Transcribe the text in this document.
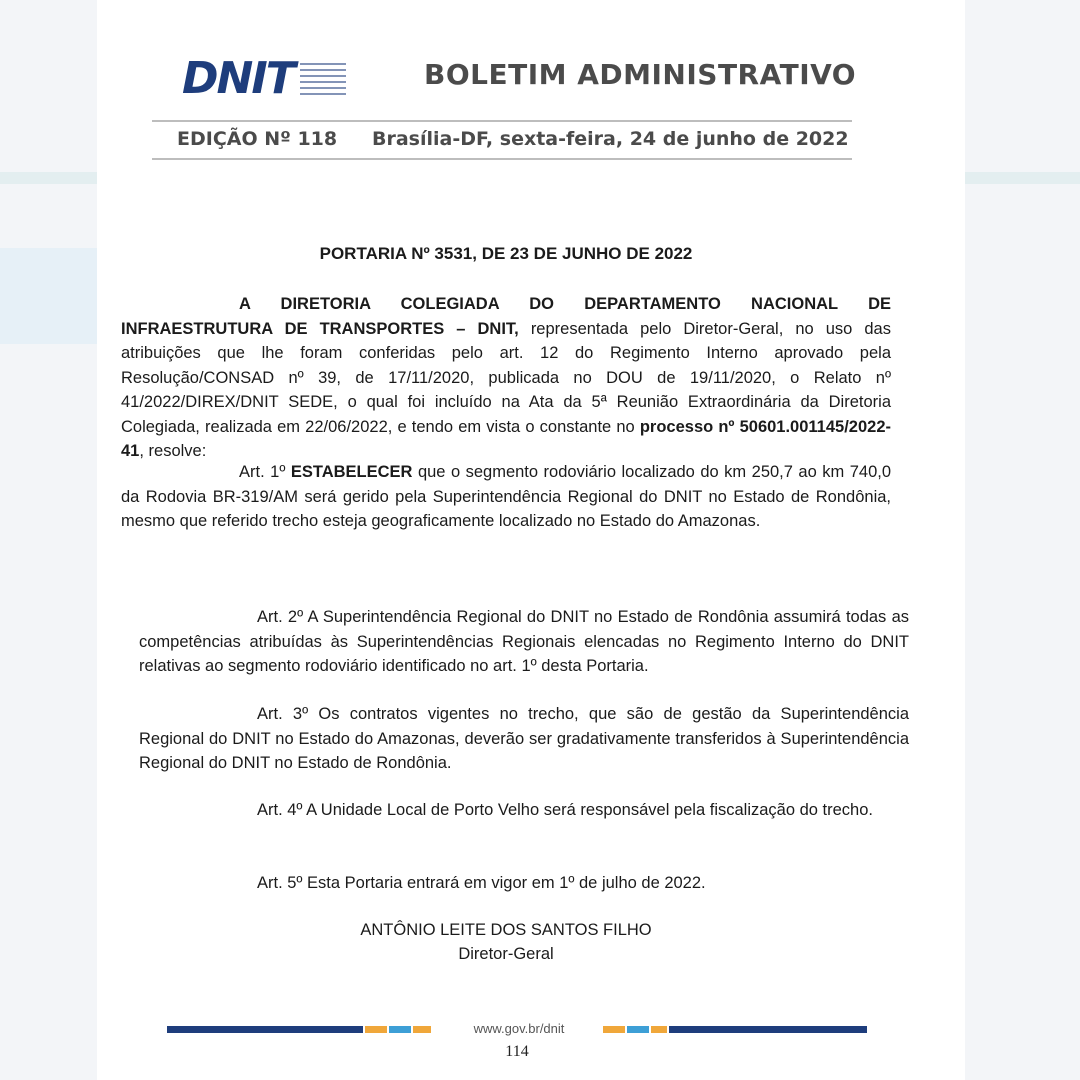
DNIT	BOLETIM ADMINISTRATIVO
EDIÇÃO Nº 118 Brasília-DF, sexta-feira, 24 de junho de 2022
PORTARIA Nº 3531, DE 23 DE JUNHO DE 2022

A DIRETORIA COLEGIADA DO DEPARTAMENTO NACIONAL DE INFRAESTRUTURA DE TRANSPORTES – DNIT, representada pelo Diretor-Geral, no uso das atribuições que lhe foram conferidas pelo art. 12 do Regimento Interno aprovado pela Resolução/CONSAD nº 39, de 17/11/2020, publicada no DOU de 19/11/2020, o Relato nº 41/2022/DIREX/DNIT SEDE, o qual foi incluído na Ata da 5ª Reunião Extraordinária da Diretoria Colegiada, realizada em 22/06/2022, e tendo em vista o constante no processo nº 50601.001145/2022-41, resolve:

Art. 1º ESTABELECER que o segmento rodoviário localizado do km 250,7 ao km 740,0 da Rodovia BR-319/AM será gerido pela Superintendência Regional do DNIT no Estado de Rondônia, mesmo que referido trecho esteja geograficamente localizado no Estado do Amazonas.

Art. 2º A Superintendência Regional do DNIT no Estado de Rondônia assumirá todas as competências atribuídas às Superintendências Regionais elencadas no Regimento Interno do DNIT relativas ao segmento rodoviário identificado no art. 1º desta Portaria.

Art. 3º Os contratos vigentes no trecho, que são de gestão da Superintendência Regional do DNIT no Estado do Amazonas, deverão ser gradativamente transferidos à Superintendência Regional do DNIT no Estado de Rondônia.

Art. 4º A Unidade Local de Porto Velho será responsável pela fiscalização do trecho.

Art. 5º Esta Portaria entrará em vigor em 1º de julho de 2022.

ANTÔNIO LEITE DOS SANTOS FILHO
Diretor-Geral
www.gov.br/dnit
114
